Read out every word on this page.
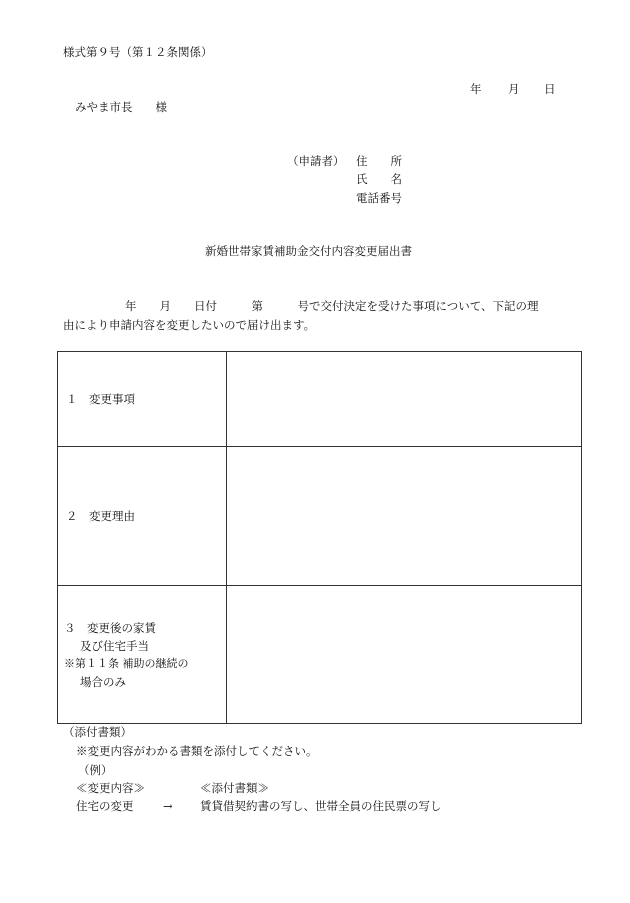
様式第９号（第１２条関係）
年 月 日
みやま市長　　様
（申請者） 住　　所
氏　　名
電話番号
新婚世帯家賃補助金交付内容変更届出書
年　　月　　日付　　　第　　　号で交付決定を受けた事項について、下記の理
由により申請内容を変更したいので届け出ます。
１　変更事項	

２　変更理由	

３　変更後の家賃
及び住宅手当
※第１１条 補助の継続の
場合のみ	

（添付書類）
※変更内容がわかる書類を添付してください。
（例）
≪変更内容≫	≪添付書類≫
住宅の変更	→ 賃貸借契約書の写し、世帯全員の住民票の写し
